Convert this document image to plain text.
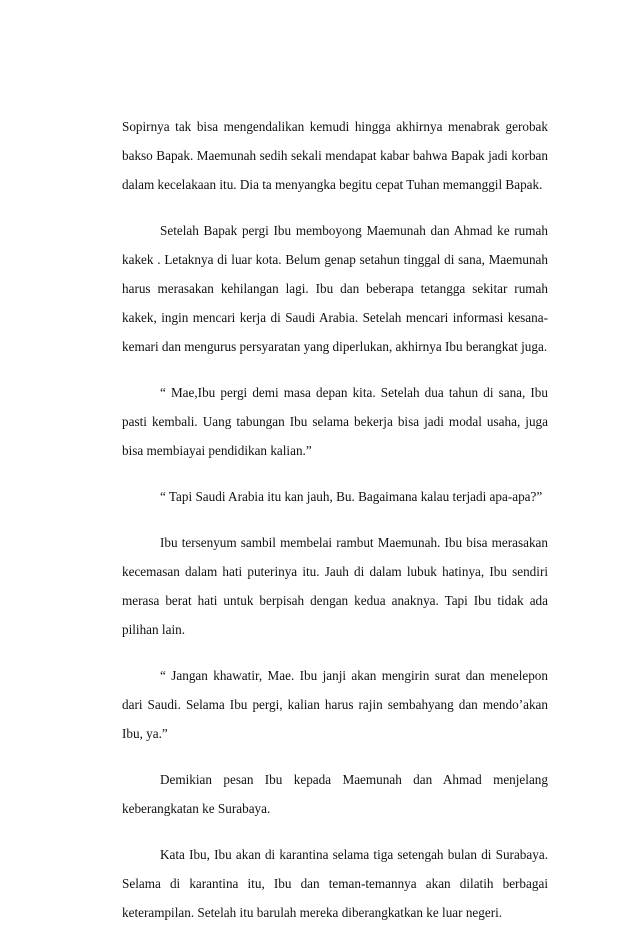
Sopirnya tak bisa mengendalikan kemudi hingga akhirnya menabrak gerobak bakso Bapak. Maemunah sedih sekali mendapat kabar bahwa Bapak jadi korban dalam kecelakaan itu. Dia ta menyangka begitu cepat Tuhan memanggil Bapak.

Setelah Bapak pergi Ibu memboyong Maemunah dan Ahmad ke rumah kakek . Letaknya di luar kota. Belum genap setahun tinggal di sana, Maemunah harus merasakan kehilangan lagi. Ibu dan beberapa tetangga sekitar rumah kakek, ingin mencari kerja di Saudi Arabia. Setelah mencari informasi kesana-kemari dan mengurus persyaratan yang diperlukan, akhirnya Ibu berangkat juga.

“ Mae,Ibu pergi demi masa depan kita. Setelah dua tahun di sana, Ibu pasti kembali. Uang tabungan Ibu selama bekerja bisa jadi modal usaha, juga bisa membiayai pendidikan kalian.”

“ Tapi Saudi Arabia itu kan jauh, Bu. Bagaimana kalau terjadi apa-apa?”

Ibu tersenyum sambil membelai rambut Maemunah. Ibu bisa merasakan kecemasan dalam hati puterinya itu. Jauh di dalam lubuk hatinya, Ibu sendiri merasa berat hati untuk berpisah dengan kedua anaknya. Tapi Ibu tidak ada pilihan lain.

“ Jangan khawatir, Mae. Ibu janji akan mengirin surat dan menelepon dari Saudi. Selama Ibu pergi, kalian harus rajin sembahyang dan mendo’akan Ibu, ya.”

Demikian pesan Ibu kepada Maemunah dan Ahmad menjelang keberangkatan ke Surabaya.

Kata Ibu, Ibu akan di karantina selama tiga setengah bulan di Surabaya. Selama di karantina itu, Ibu dan teman-temannya akan dilatih berbagai keterampilan. Setelah itu barulah mereka diberangkatkan ke luar negeri.
